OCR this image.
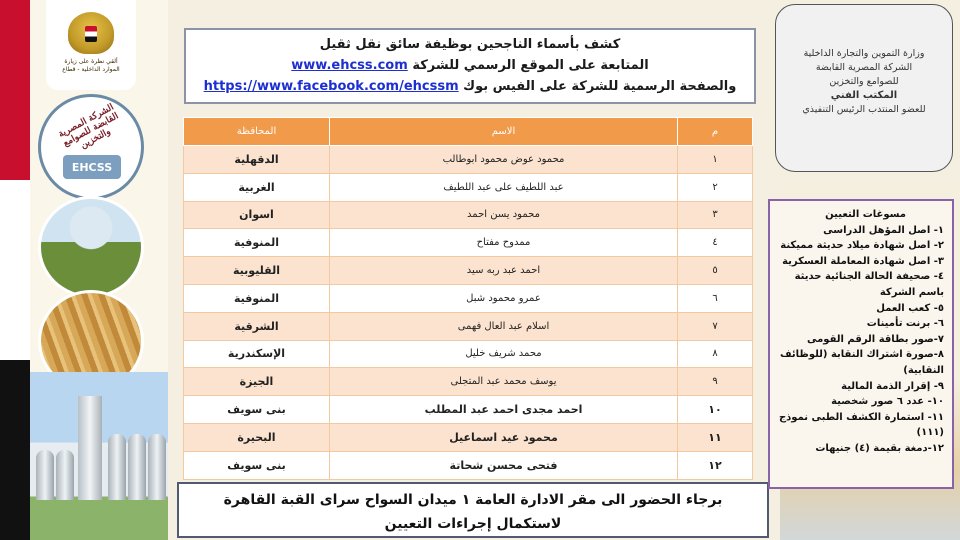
ألقي نظرة على زيارة
الموارد الداخلية - قطاع
الشركة المصرية القابضة للصوامع والتخزين
EHCSS
كشف بأسماء الناجحين بوظيفة سائق نقل ثقيل
المتابعة على الموقع الرسمي للشركة www.ehcss.com
والصفحة الرسمية للشركة على الفيس بوك https://www.facebook.com/ehcssm
وزارة التموين والتجارة الداخلية
الشركة المصرية القابضة
للصوامع والتخزين
المكتب الفني
للعضو المنتدب الرئيس التنفيذي
م	الاسم	المحافظة
١	محمود عوض محمود ابوطالب	الدقهلية
٢	عبد اللطيف على عبد اللطيف	الغربية
٣	محمود يسن احمد	اسوان
٤	ممدوح مفتاح	المنوفية
٥	احمد عبد ربه سيد	القليوبية
٦	عمرو محمود شبل	المنوفية
٧	اسلام عبد العال فهمى	الشرقية
٨	محمد شريف خليل	الإسكندرية
٩	يوسف محمد عبد المتجلى	الجيزة
١٠	احمد مجدى احمد عبد المطلب	بنى سويف
١١	محمود عيد اسماعيل	البحيرة
١٢	فتحى محسن شحاتة	بنى سويف
برجاء الحضور الى مقر الادارة العامة ١ ميدان السواح سراى القبة القاهرة
لاستكمال إجراءات التعيين
مسوغات التعيين
١- اصل المؤهل الدراسى
٢- اصل شهادة ميلاد حديثة مميكنة
٣- اصل شهادة المعاملة العسكرية
٤- صحيفة الحالة الجنائية حديثة
باسم الشركة
٥- كعب العمل
٦- برنت تأمينات
٧-صور بطاقة الرقم القومى
٨-صورة اشتراك النقابة (للوظائف
النقابية)
٩- إقرار الذمة المالية
١٠- عدد ٦ صور شخصية
١١- استمارة الكشف الطبى نموذج
(١١١)
١٢-دمغة بقيمة (٤) جنيهات
